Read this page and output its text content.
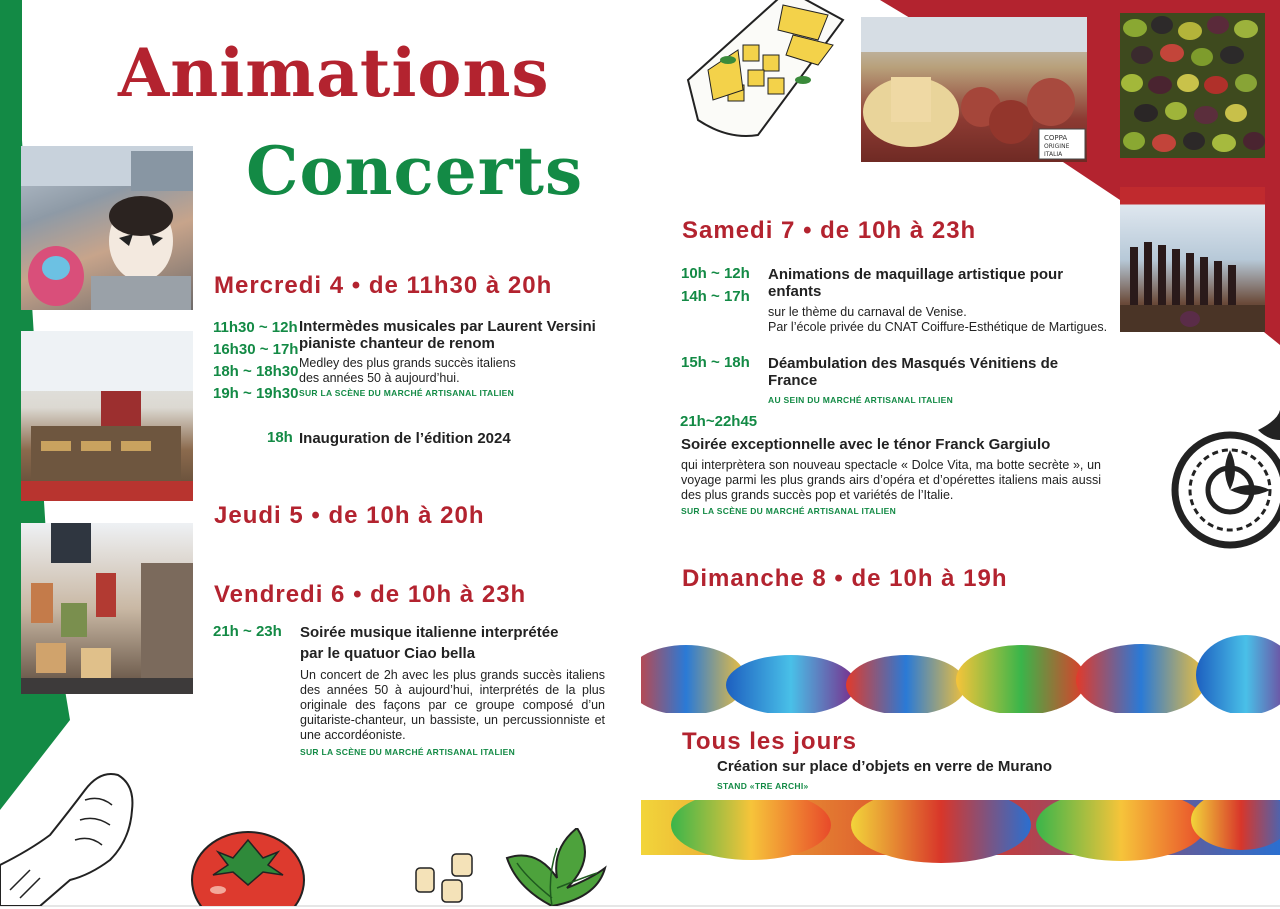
Animations
Concerts
Mercredi 4 • de 11h30 à 20h
11h30 ~ 12h
16h30 ~ 17h
18h ~ 18h30
19h ~ 19h30
Intermèdes musicales par Laurent Versini
pianiste chanteur de renom
Medley des plus grands succès italiens
des années 50 à aujourd’hui.
SUR LA SCÈNE DU MARCHÉ ARTISANAL ITALIEN
18h Inauguration de l’édition 2024
Jeudi 5 • de 10h à 20h
Vendredi 6 • de 10h à 23h
21h ~ 23h Soirée musique italienne interprétée
par le quatuor Ciao bella
Un concert de 2h avec les plus grands succès italiens des années 50 à aujourd’hui, interprétés de la plus originale des façons par ce groupe composé d’un guitariste-chanteur, un bassiste, un percussionniste et une accordéoniste.
SUR LA SCÈNE DU MARCHÉ ARTISANAL ITALIEN
COPPA
ORIGINE
ITALIA
Samedi 7 • de 10h à 23h
10h ~ 12h
14h ~ 17h
Animations de maquillage artistique pour enfants
sur le thème du carnaval de Venise.
Par l’école privée du CNAT Coiffure-Esthétique de Martigues.
15h ~ 18h Déambulation des Masqués Vénitiens de France
AU SEIN DU MARCHÉ ARTISANAL ITALIEN
21h~22h45
Soirée exceptionnelle avec le ténor Franck Gargiulo
qui interprètera son nouveau spectacle « Dolce Vita, ma botte secrète », un voyage parmi les plus grands airs d’opéra et d’opérettes italiens mais aussi des plus grands succès pop et variétés de l’Italie.
SUR LA SCÈNE DU MARCHÉ ARTISANAL ITALIEN
Dimanche 8 • de 10h à 19h
Tous les jours
Création sur place d’objets en verre de Murano
STAND «TRE ARCHI»
